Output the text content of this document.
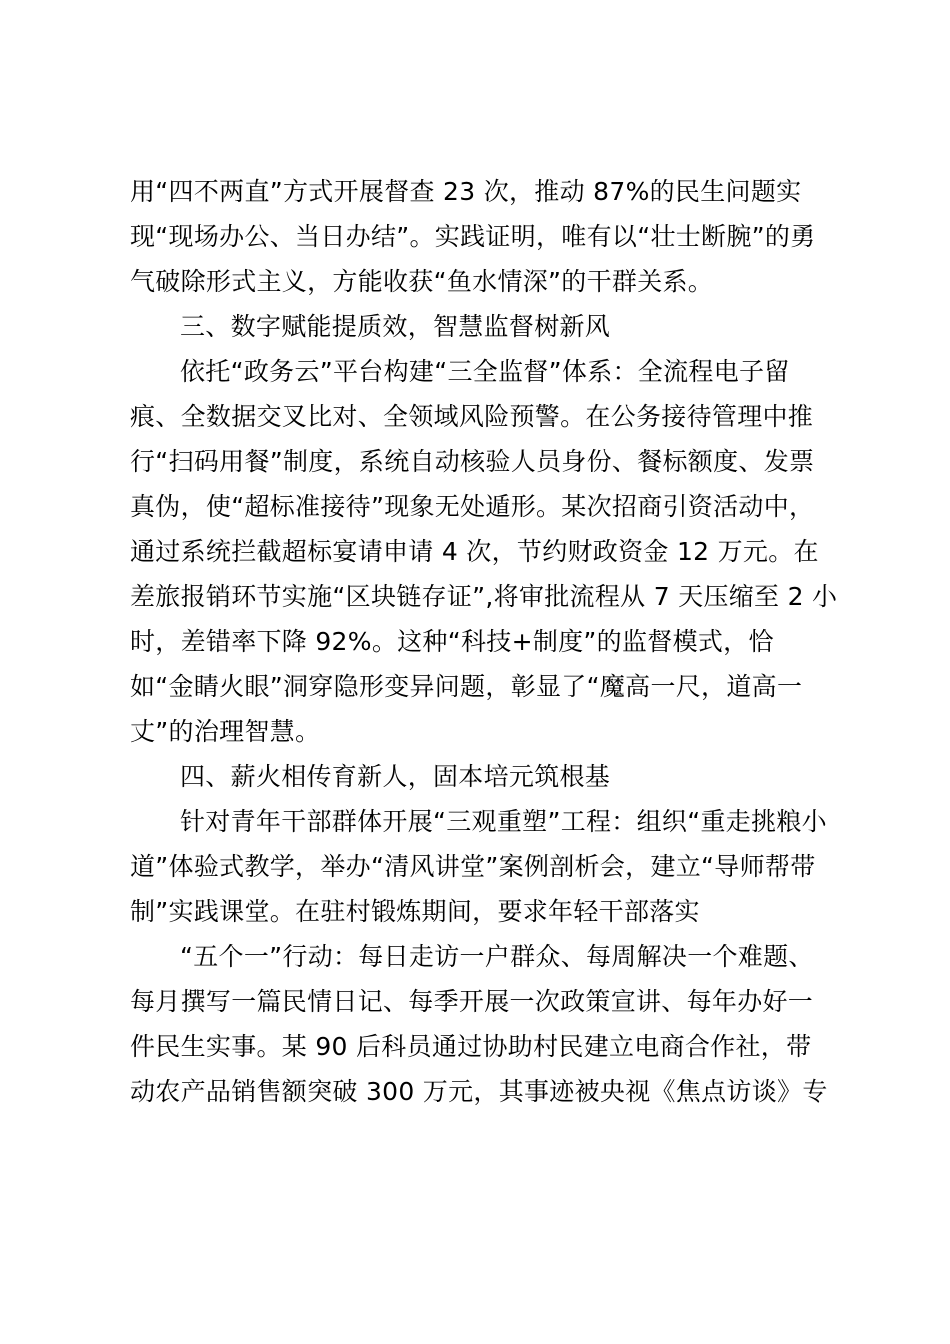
用“四不两直”方式开展督查 23 次，推动 87%的民生问题实
现“现场办公、当日办结”。实践证明，唯有以“壮士断腕”的勇
气破除形式主义，方能收获“鱼水情深”的干群关系。
三、数字赋能提质效，智慧监督树新风
依托“政务云”平台构建“三全监督”体系：全流程电子留
痕、全数据交叉比对、全领域风险预警。在公务接待管理中推
行“扫码用餐”制度，系统自动核验人员身份、餐标额度、发票
真伪，使“超标准接待”现象无处遁形。某次招商引资活动中，
通过系统拦截超标宴请申请 4 次，节约财政资金 12 万元。在
差旅报销环节实施“区块链存证”,将审批流程从 7 天压缩至 2 小
时，差错率下降 92%。这种“科技+制度”的监督模式，恰
如“金睛火眼”洞穿隐形变异问题，彰显了“魔高一尺，道高一
丈”的治理智慧。
四、薪火相传育新人，固本培元筑根基
针对青年干部群体开展“三观重塑”工程：组织“重走挑粮小
道”体验式教学，举办“清风讲堂”案例剖析会，建立“导师帮带
制”实践课堂。在驻村锻炼期间，要求年轻干部落实
“五个一”行动：每日走访一户群众、每周解决一个难题、
每月撰写一篇民情日记、每季开展一次政策宣讲、每年办好一
件民生实事。某 90 后科员通过协助村民建立电商合作社，带
动农产品销售额突破 300 万元，其事迹被央视《焦点访谈》专
